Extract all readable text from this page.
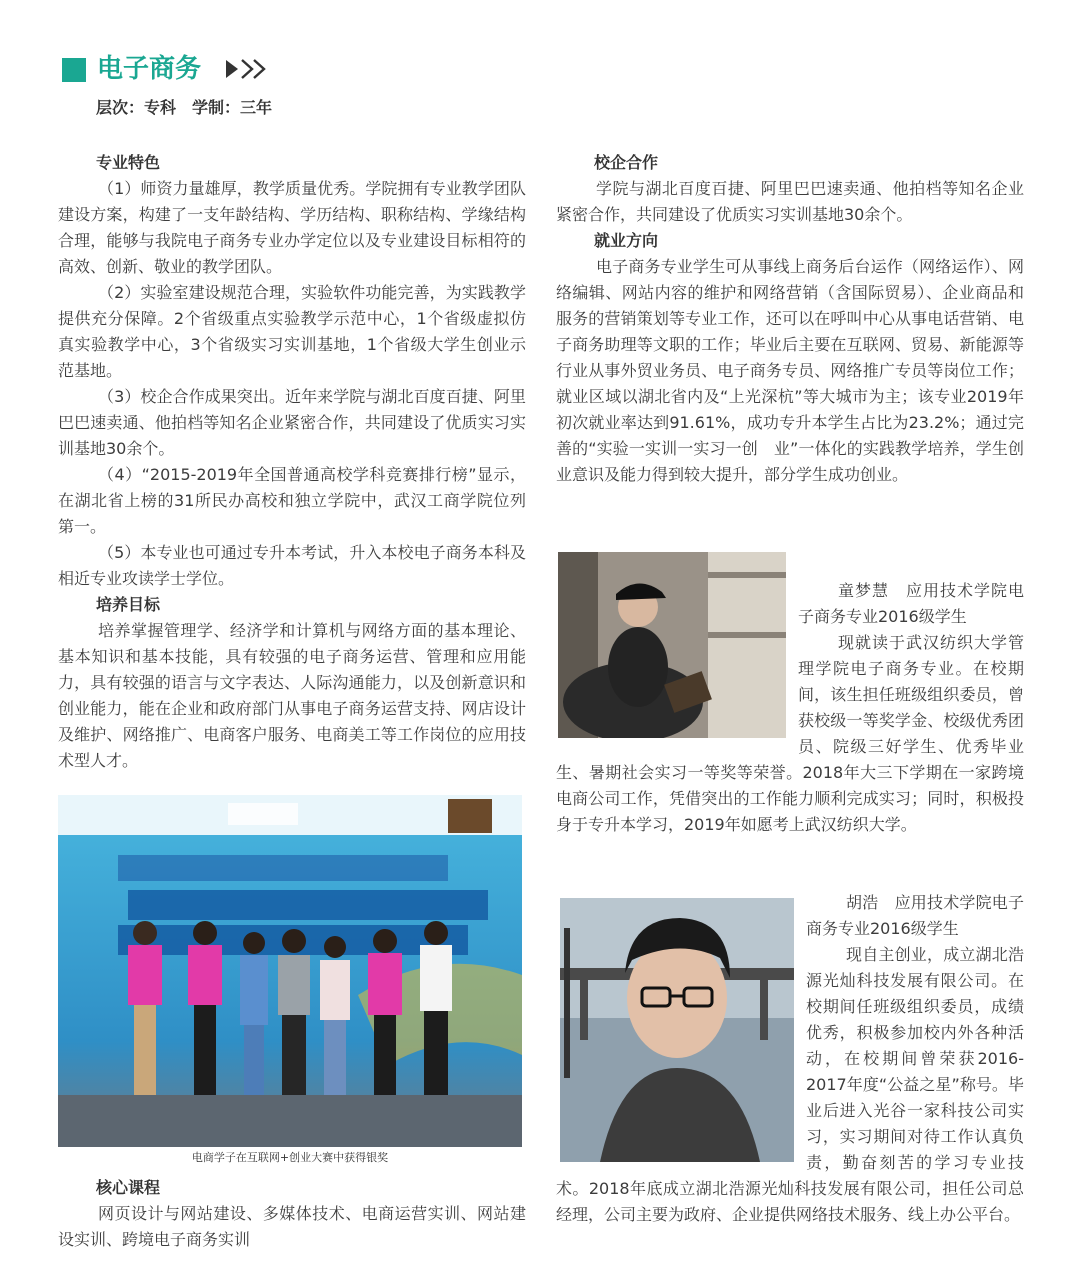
电子商务
层次：专科　学制：三年

专业特色

（1）师资力量雄厚，教学质量优秀。学院拥有专业教学团队建设方案，构建了一支年龄结构、学历结构、职称结构、学缘结构合理，能够与我院电子商务专业办学定位以及专业建设目标相符的高效、创新、敬业的教学团队。

（2）实验室建设规范合理，实验软件功能完善，为实践教学提供充分保障。2个省级重点实验教学示范中心，1个省级虚拟仿真实验教学中心，3个省级实习实训基地，1个省级大学生创业示范基地。

（3）校企合作成果突出。近年来学院与湖北百度百捷、阿里巴巴速卖通、他拍档等知名企业紧密合作，共同建设了优质实习实训基地30余个。

（4）“2015-2019年全国普通高校学科竞赛排行榜”显示，在湖北省上榜的31所民办高校和独立学院中，武汉工商学院位列第一。

（5）本专业也可通过专升本考试，升入本校电子商务本科及相近专业攻读学士学位。

培养目标

培养掌握管理学、经济学和计算机与网络方面的基本理论、基本知识和基本技能，具有较强的电子商务运营、管理和应用能力，具有较强的语言与文字表达、人际沟通能力，以及创新意识和创业能力，能在企业和政府部门从事电子商务运营支持、网店设计及维护、网络推广、电商客户服务、电商美工等工作岗位的应用技术型人才。

电商学子在互联网+创业大赛中获得银奖

核心课程

网页设计与网站建设、多媒体技术、电商运营实训、网站建设实训、跨境电子商务实训

校企合作

学院与湖北百度百捷、阿里巴巴速卖通、他拍档等知名企业紧密合作，共同建设了优质实习实训基地30余个。

就业方向

电子商务专业学生可从事线上商务后台运作（网络运作）、网络编辑、网站内容的维护和网络营销（含国际贸易）、企业商品和服务的营销策划等专业工作，还可以在呼叫中心从事电话营销、电子商务助理等文职的工作；毕业后主要在互联网、贸易、新能源等行业从事外贸业务员、电子商务专员、网络推广专员等岗位工作；就业区域以湖北省内及“上光深杭”等大城市为主；该专业2019年初次就业率达到91.61%，成功专升本学生占比为23.2%；通过完善的“实验一实训一实习一创　业”一体化的实践教学培养，学生创业意识及能力得到较大提升，部分学生成功创业。

童梦慧　应用技术学院电子商务专业2016级学生

现就读于武汉纺织大学管理学院电子商务专业。在校期间，该生担任班级组织委员，曾获校级一等奖学金、校级优秀团员、院级三好学生、优秀毕业生、暑期社会实习一等奖等荣誉。2018年大三下学期在一家跨境电商公司工作，凭借突出的工作能力顺利完成实习；同时，积极投身于专升本学习，2019年如愿考上武汉纺织大学。

胡浩　应用技术学院电子商务专业2016级学生

现自主创业，成立湖北浩源光灿科技发展有限公司。在校期间任班级组织委员，成绩优秀，积极参加校内外各种活动，在校期间曾荣获2016-2017年度“公益之星”称号。毕业后进入光谷一家科技公司实习，实习期间对待工作认真负责，勤奋刻苦的学习专业技术。2018年底成立湖北浩源光灿科技发展有限公司，担任公司总经理，公司主要为政府、企业提供网络技术服务、线上办公平台。
